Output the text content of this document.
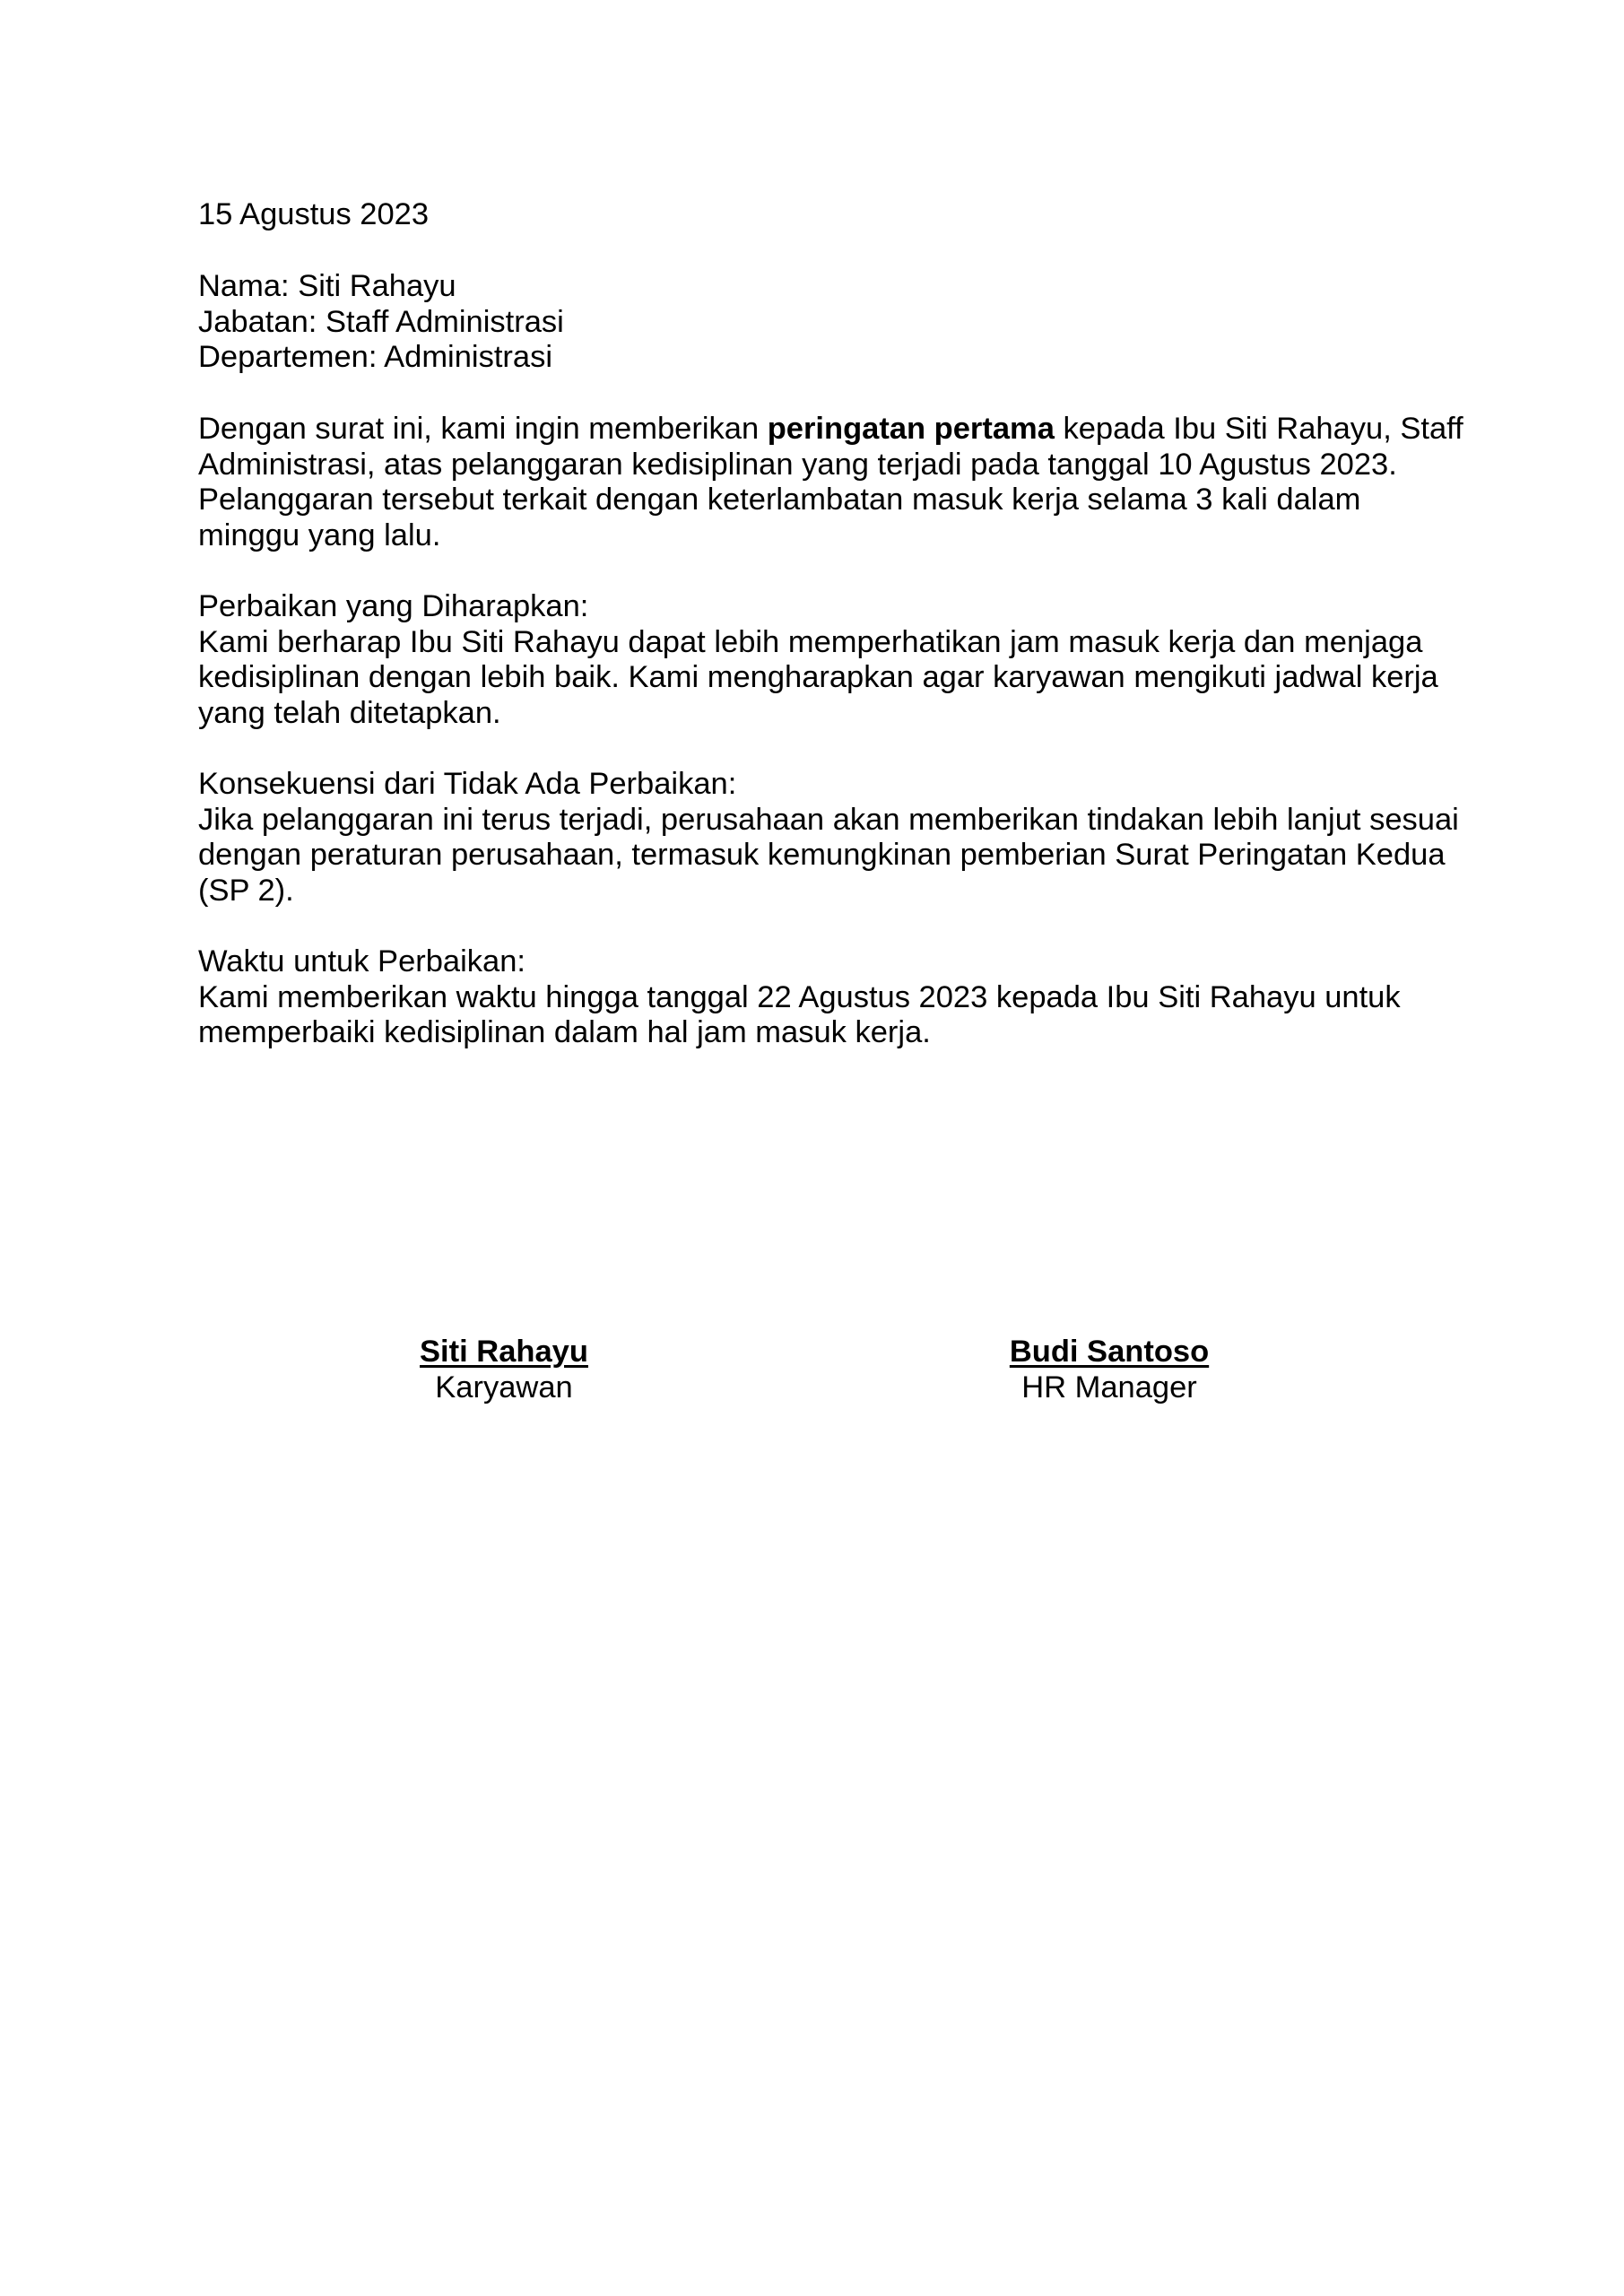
15 Agustus 2023
Nama: Siti Rahayu
Jabatan: Staff Administrasi
Departemen: Administrasi
Dengan surat ini, kami ingin memberikan peringatan pertama kepada Ibu Siti Rahayu, Staff
Administrasi, atas pelanggaran kedisiplinan yang terjadi pada tanggal 10 Agustus 2023.
Pelanggaran tersebut terkait dengan keterlambatan masuk kerja selama 3 kali dalam
minggu yang lalu.
Perbaikan yang Diharapkan:
Kami berharap Ibu Siti Rahayu dapat lebih memperhatikan jam masuk kerja dan menjaga
kedisiplinan dengan lebih baik. Kami mengharapkan agar karyawan mengikuti jadwal kerja
yang telah ditetapkan.
Konsekuensi dari Tidak Ada Perbaikan:
Jika pelanggaran ini terus terjadi, perusahaan akan memberikan tindakan lebih lanjut sesuai
dengan peraturan perusahaan, termasuk kemungkinan pemberian Surat Peringatan Kedua
(SP 2).
Waktu untuk Perbaikan:
Kami memberikan waktu hingga tanggal 22 Agustus 2023 kepada Ibu Siti Rahayu untuk
memperbaiki kedisiplinan dalam hal jam masuk kerja.
Siti Rahayu
Karyawan
Budi Santoso
HR Manager
